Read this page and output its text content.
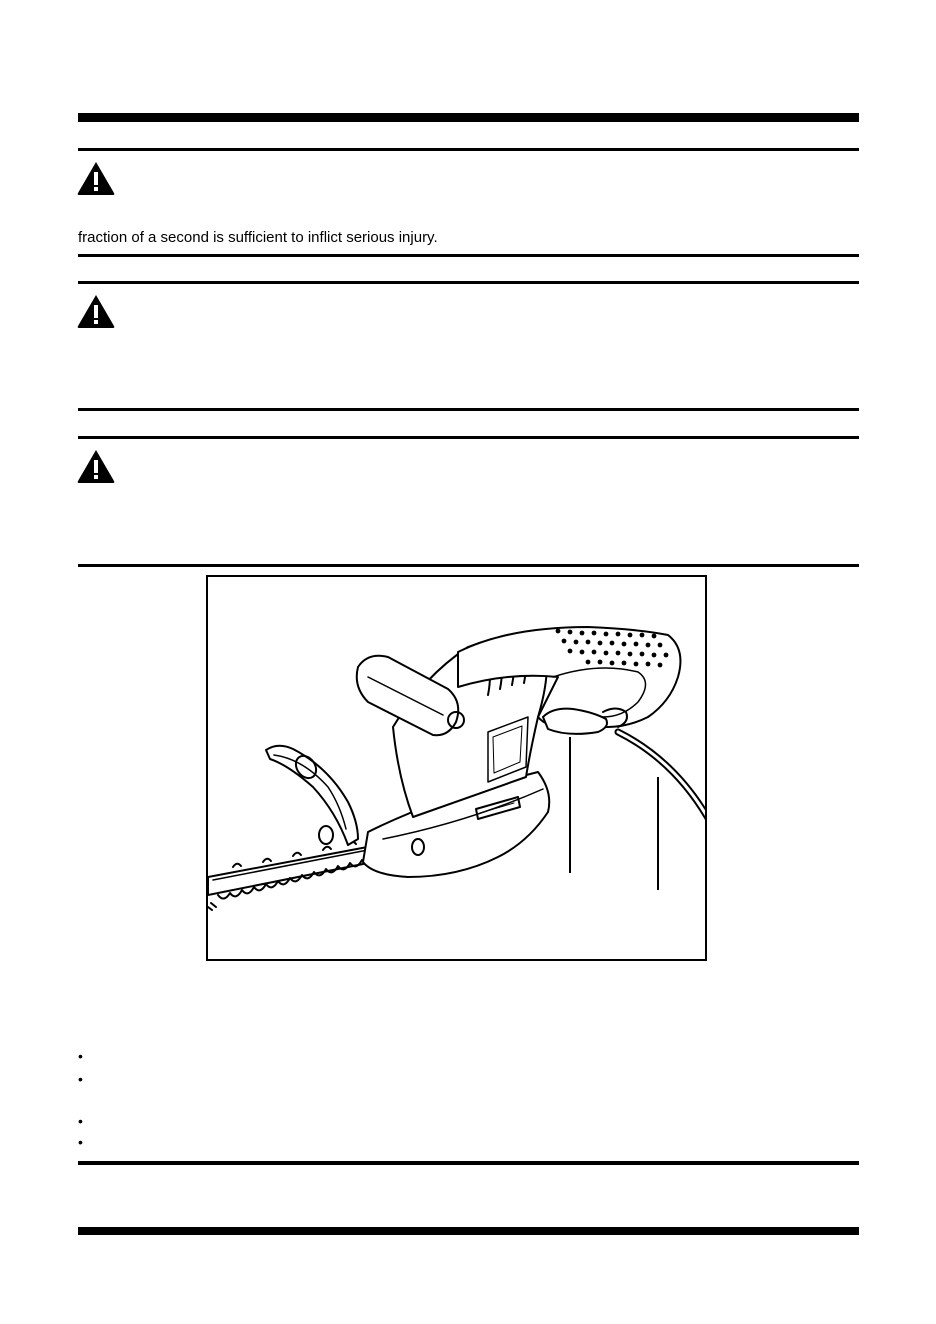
fraction of a second is sufficient to inflict serious injury.
•
•
•
•
